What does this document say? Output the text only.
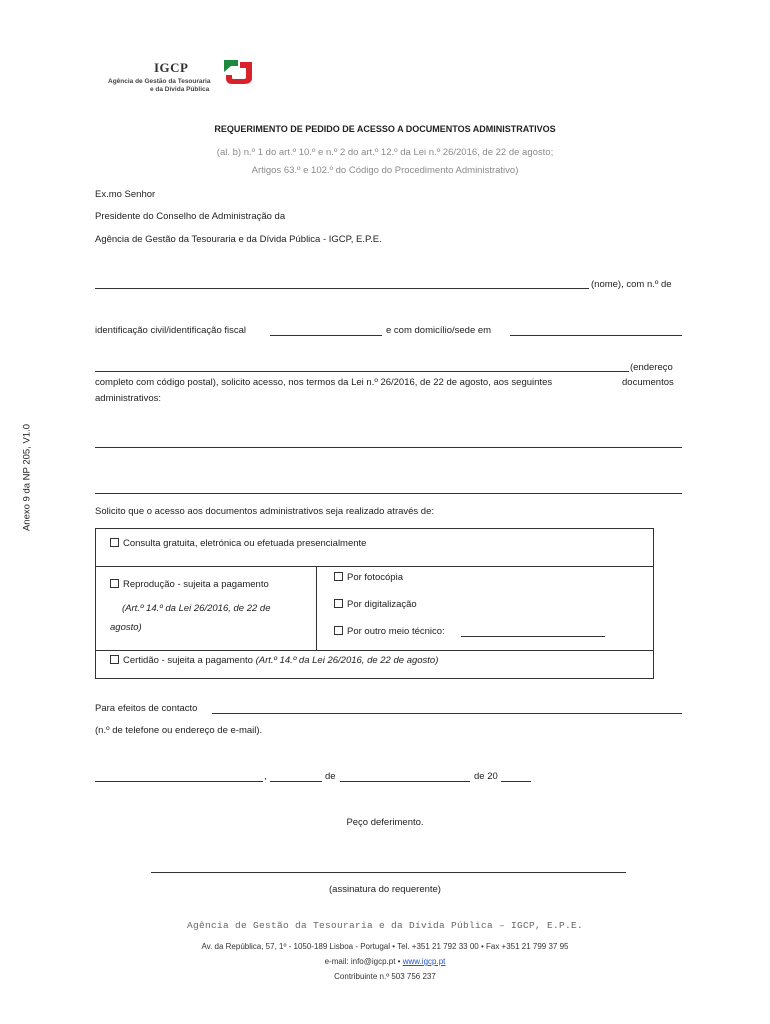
IGCP
Agência de Gestão da Tesouraria
e da Dívida Pública
Anexo 9 da NP 205, V1.0
REQUERIMENTO DE PEDIDO DE ACESSO A DOCUMENTOS ADMINISTRATIVOS
(al. b) n.º 1 do art.º 10.º e n.º 2 do art.º 12.º da Lei n.º 26/2016, de 22 de agosto;
Artigos 63.º e 102.º do Código do Procedimento Administrativo)
Ex.mo Senhor
Presidente do Conselho de Administração da
Agência de Gestão da Tesouraria e da Dívida Pública - IGCP, E.P.E.
(nome), com n.º de
identificação civil/identificação fiscal	e com domicílio/sede em
(endereço
completo com código postal), solicito acesso, nos termos da Lei n.º 26/2016, de 22 de agosto, aos seguintes	documentos
administrativos:
Solicito que o acesso aos documentos administrativos seja realizado através de:
Consulta gratuita, eletrónica ou efetuada presencialmente
Reprodução - sujeita a pagamento
(Art.º 14.º da Lei 26/2016, de 22 de
agosto)
Por fotocópia
Por digitalização
Por outro meio técnico:
Certidão - sujeita a pagamento (Art.º 14.º da Lei 26/2016, de 22 de agosto)
Para efeitos de contacto
(n.º de telefone ou endereço de e-mail).
,	de	de 20
Peço deferimento.
(assinatura do requerente)
Agência de Gestão da Tesouraria e da Dívida Pública – IGCP, E.P.E.
Av. da República, 57, 1º - 1050-189 Lisboa - Portugal • Tel. +351 21 792 33 00 • Fax +351 21 799 37 95
e-mail: info@igcp.pt • www.igcp.pt
Contribuinte n.º 503 756 237
